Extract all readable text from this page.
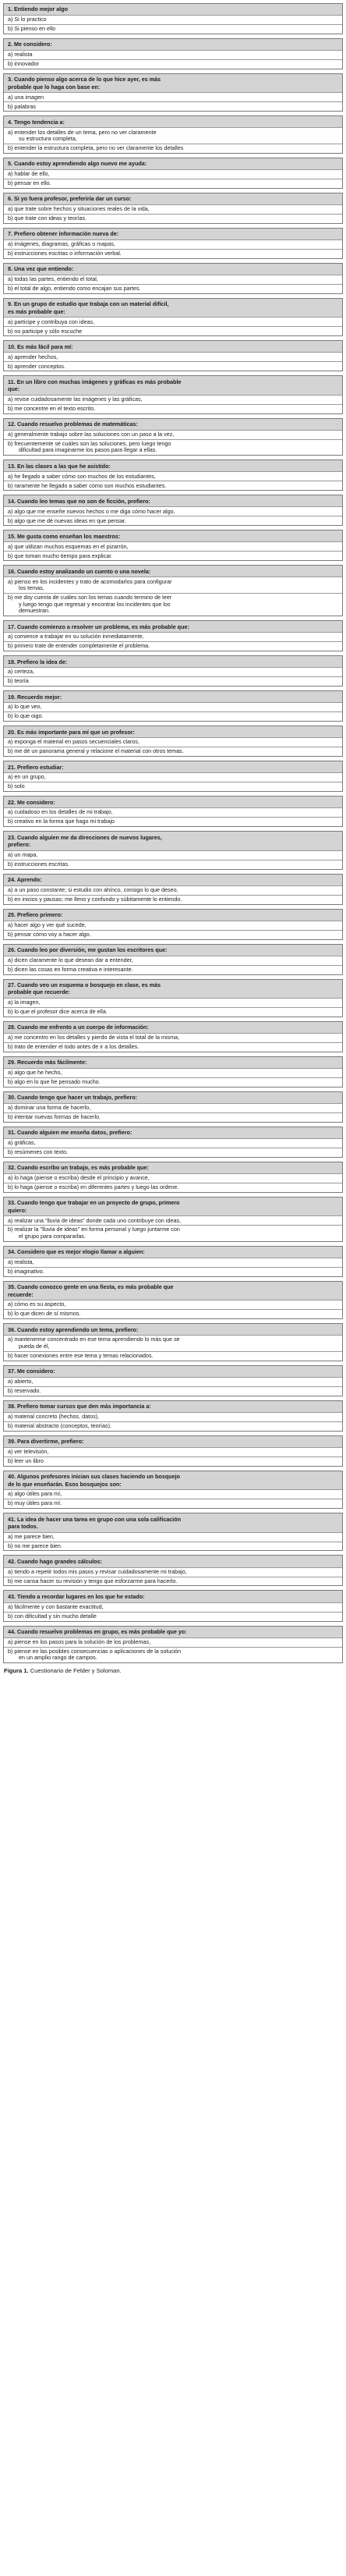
1. Entiendo mejor algo
a) Si lo practico
b) Si pienso en ello
2. Me considero:
a) realista
b) innovador
3. Cuando pienso algo acerca de lo que hice ayer, es más
probable que lo haga con base en:
a) una imagen
b) palabras
4. Tengo tendencia a:
a) entender los detalles de un tema, pero no ver claramente
su estructura completa,
b) entender la estructura completa, pero no ver claramente los detalles
5. Cuando estoy aprendiendo algo nuevo me ayuda:
a) hablar de ello,
b) pensar en ello.
6. Si yo fuera profesor, preferiría dar un curso:
a) que trate sobre hechos y situaciones reales de la vida,
b) que trate con ideas y teorías.
7. Prefiero obtener información nueva de:
a) imágenes, diagramas, gráficas o mapas,
b) instrucciones escritas o información verbal.
8. Una vez que entiendo:
a) todas las partes, entiendo el total,
b) el total de algo, entiendo como encajan sus partes.
9. En un grupo de estudio que trabaja con un material difícil,
es más probable que:
a) participe y contribuya con ideas,
b) no participe y sólo escuche
10. Es más fácil para mí:
a) aprender hechos,
b) aprender conceptos.
11. En un libro con muchas imágenes y gráficas es más probable
que:
a) revise cuidadosamente las imágenes y las gráficas,
b) me concentre en el texto escrito.
12. Cuando resuelvo problemas de matemáticas:
a) generalmente trabajo sobre las soluciones con un paso a la vez,
b) frecuentemente sé cuáles son las soluciones, pero luego tengo
dificultad para imaginarme los pasos para llegar a ellas.
13. En las clases a las que he asistido:
a) he llegado a saber cómo son muchos de los estudiantes,
b) raramente he llegado a saber cómo son muchos estudiantes.
14. Cuando leo temas que no son de ficción, prefiero:
a) algo que me enseñe nuevos hechos o me diga cómo hacer algo,
b) algo que me dé nuevas ideas en que pensar.
15. Me gusta como enseñan los maestros:
a) que utilizan muchos esquemas en el pizarrón,
b) que toman mucho tiempo para explicar.
16. Cuando estoy analizando un cuento o una novela:
a) pienso en los incidentes y trato de acomodarlos para configurar
los temas,
b) me doy cuenta de cuáles son los temas cuando termino de leer
y luego tengo que regresar y encontrar los incidentes que los
demuestran.
17. Cuando comienzo a resolver un problema, es más probable que:
a) comience a trabajar en su solución inmediatamente,
b) primero trate de entender completamente el problema.
18. Prefiero la idea de:
a) certeza,
b) teoría
19. Recuerdo mejor:
a) lo que veo,
b) lo que oigo.
20. Es más importante para mí que un profesor:
a) exponga el material en pasos secuenciales claros,
b) me dé un panorama general y relacione el material con otros temas.
21. Prefiero estudiar:
a) en un grupo,
b) solo
22. Me considero:
a) cuidadoso en los detalles de mi trabajo,
b) creativo en la forma que hago mi trabajo
23. Cuando alguien me da direcciones de nuevos lugares,
prefiero:
a) un mapa,
b) instrucciones escritas.
24. Aprendo:
a) a un paso constante; si estudio con ahínco, consigo lo que deseo,
b) en inicios y pausas; me lleno y confundo y súbitamente lo entiendo.
25. Prefiero primero:
a) hacer algo y ver qué sucede,
b) pensar cómo voy a hacer algo.
26. Cuando leo por diversión, me gustan los escritores que:
a) dicen claramente lo que desean dar a entender,
b) dicen las cosas en forma creativa e interesante.
27. Cuando veo un esquema o bosquejo en clase, es más
probable que recuerde:
a) la imagen,
b) lo que el profesor dice acerca de ella.
28. Cuando me enfrento a un cuerpo de información:
a) me concentro en los detalles y pierdo de vista el total de la misma,
b) trato de entender el todo antes de ir a los detalles.
29. Recuerdo más fácilmente:
a) algo que he hecho,
b) algo en lo que he pensado mucho.
30. Cuando tengo que hacer un trabajo, prefiero:
a) dominar una forma de hacerlo,
b) intentar nuevas formas de hacerlo.
31. Cuando alguien me enseña datos, prefiero:
a) gráficas,
b) resúmenes con texto.
32. Cuando escribo un trabajo, es más probable que:
a) lo haga (piense o escriba) desde el principio y avance,
b) lo haga (piense o escriba) en diferentes partes y luego las ordene.
33. Cuando tengo que trabajar en un proyecto de grupo, primero
quiero:
a) realizar una "lluvia de ideas" donde cada uno contribuye con ideas,
b) realizar la "lluvia de ideas" en forma personal y luego juntarme con
el grupo para compararlas.
34. Considero que es mejor elogio llamar a alguien:
a) realista,
b) imaginativo.
35. Cuando conozco gente en una fiesta, es más probable que
recuerde:
a) cómo es su aspecto,
b) lo que dicen de sí mismos.
36. Cuando estoy aprendiendo un tema, prefiero:
a) mantenerme concentrado en ese tema aprendiendo lo más que se
pueda de él,
b) hacer conexiones entre ese tema y temas relacionados.
37. Me considero:
a) abierto,
b) reservado.
38. Prefiero tomar cursos que den más importancia a:
a) material concreto (hechos, datos),
b) material abstracto (conceptos, teorías).
39. Para divertirme, prefiero:
a) ver televisión,
b) leer un libro
40. Algunos profesores inician sus clases haciendo un bosquejo
de lo que enseñarán. Esos bosquejos son:
a) algo útiles para mí,
b) muy útiles para mí.
41. La idea de hacer una tarea en grupo con una sola calificación
para todos.
a) me parece bien,
b) no me parece bien.
42. Cuando hago grandes cálculos:
a) tiendo a repetir todos mis pasos y revisar cuidadosamente mi trabajo,
b) me cansa hacer su revisión y tengo que esforzarme para hacerlo.
43. Tiendo a recordar lugares en los que he estado:
a) fácilmente y con bastante exactitud,
b) con dificultad y sin mucho detalle
44. Cuando resuelvo problemas en grupo, es más probable que yo:
a) piense en los pasos para la solución de los problemas,
b) piense en las posibles consecuencias o aplicaciones de la solución
en un amplio rango de campos.
Figura 1. Cuestionario de Felder y Soloman.
